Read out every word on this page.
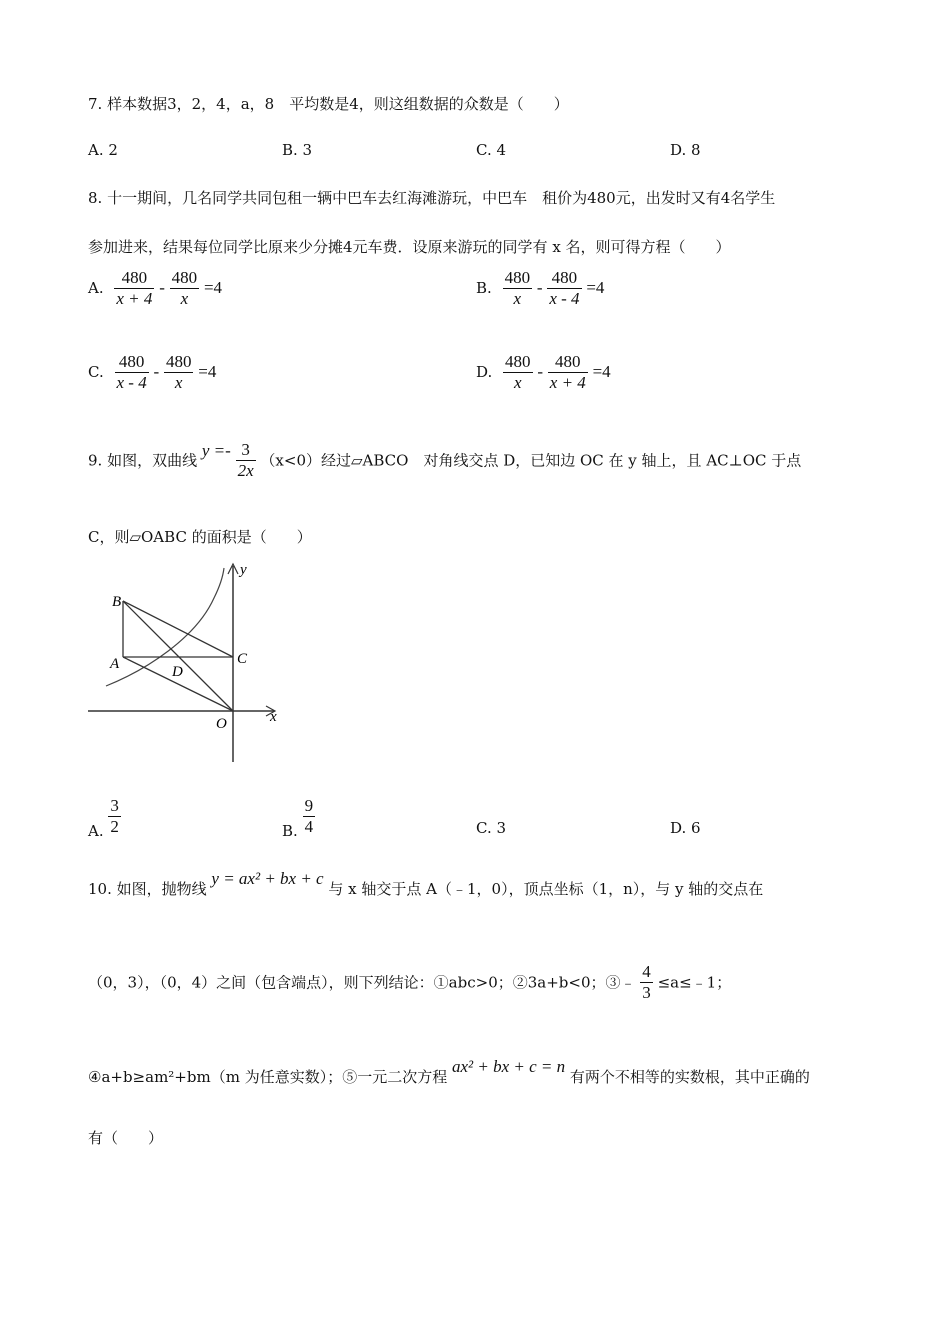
7. 样本数据3，2，4，a，8　平均数是4，则这组数据的众数是（　　）
A. 2	B. 3	C. 4	D. 8
8. 十一期间，几名同学共同包租一辆中巴车去红海滩游玩，中巴车　租价为480元，出发时又有4名学生
参加进来，结果每位同学比原来少分摊4元车费．设原来游玩的同学有 x 名，则可得方程（　　）
A. $\frac{480}{x + 4} - \frac{480}{x} =4$	B. $\frac{480}{x} - \frac{480}{x - 4} =4$
C. $\frac{480}{x - 4} - \frac{480}{x} =4$	D. $\frac{480}{x} - \frac{480}{x + 4} =4$
9. 如图，双曲线 $y =- \frac{3}{2x} (x<0)$经过▱ABCO　对角线交点 D，已知边 OC 在 y 轴上，且 AC⊥OC 于点
C，则▱OABC 的面积是（　　）
y
x
B
A	C
D
O
A. $\frac{3}{2}$	B. $\frac{9}{4}$	C. 3	D. 6
10. 如图，抛物线 y = ax² + bx + c 与 x 轴交于点 A（﹣1，0），顶点坐标（1，n），与 y 轴的交点在
（0，3），（0，4）之间（包含端点），则下列结论：①abc>0；②3a+b<0；③﹣ $\frac{4}{3}$ ≤a≤﹣1；
④a+b≥am²+bm（m 为任意实数）；⑤一元二次方程 ax² + bx + c = n 有两个不相等的实数根，其中正确的
有（　　）
